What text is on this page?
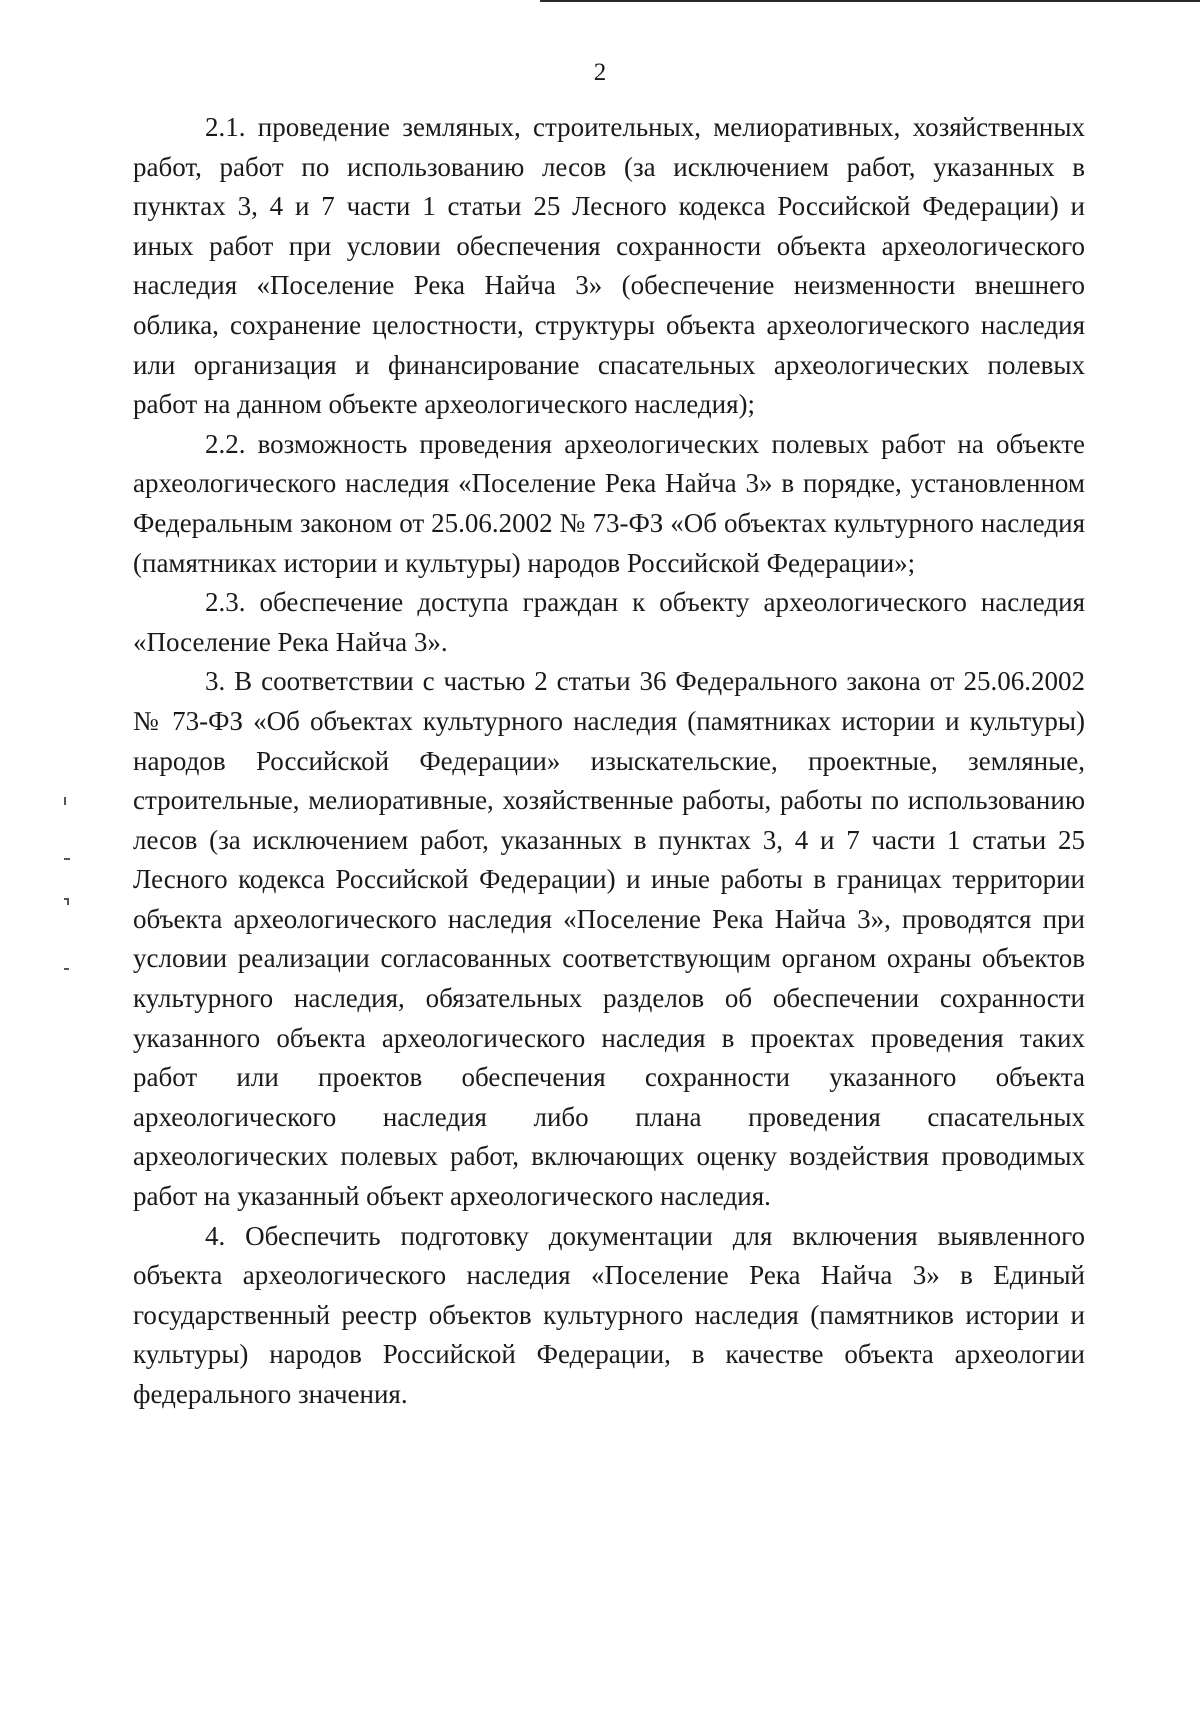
2

2.1. проведение земляных, строительных, мелиоративных, хозяйственных работ, работ по использованию лесов (за исключением работ, указанных в пунктах 3, 4 и 7 части 1 статьи 25 Лесного кодекса Российской Федерации) и иных работ при условии обеспечения сохранности объекта археологического наследия «Поселение Река Найча 3» (обеспечение неизменности внешнего облика, сохранение целостности, структуры объекта археологического наследия или организация и финансирование спасательных археологических полевых работ на данном объекте археологического наследия);

2.2. возможность проведения археологических полевых работ на объекте археологического наследия «Поселение Река Найча 3» в порядке, установленном Федеральным законом от 25.06.2002 № 73-ФЗ «Об объектах культурного наследия (памятниках истории и культуры) народов Российской Федерации»;

2.3. обеспечение доступа граждан к объекту археологического наследия «Поселение Река Найча 3».

3. В соответствии с частью 2 статьи 36 Федерального закона от 25.06.2002 № 73-ФЗ «Об объектах культурного наследия (памятниках истории и культуры) народов Российской Федерации» изыскательские, проектные, земляные, строительные, мелиоративные, хозяйственные работы, работы по использованию лесов (за исключением работ, указанных в пунктах 3, 4 и 7 части 1 статьи 25 Лесного кодекса Российской Федерации) и иные работы в границах территории объекта археологического наследия «Поселение Река Найча 3», проводятся при условии реализации согласованных соответствующим органом охраны объектов культурного наследия, обязательных разделов об обеспечении сохранности указанного объекта археологического наследия в проектах проведения таких работ или проектов обеспечения сохранности указанного объекта археологического наследия либо плана проведения спасательных археологических полевых работ, включающих оценку воздействия проводимых работ на указанный объект археологического наследия.

4. Обеспечить подготовку документации для включения выявленного объекта археологического наследия «Поселение Река Найча 3» в Единый государственный реестр объектов культурного наследия (памятников истории и культуры) народов Российской Федерации, в качестве объекта археологии федерального значения.
